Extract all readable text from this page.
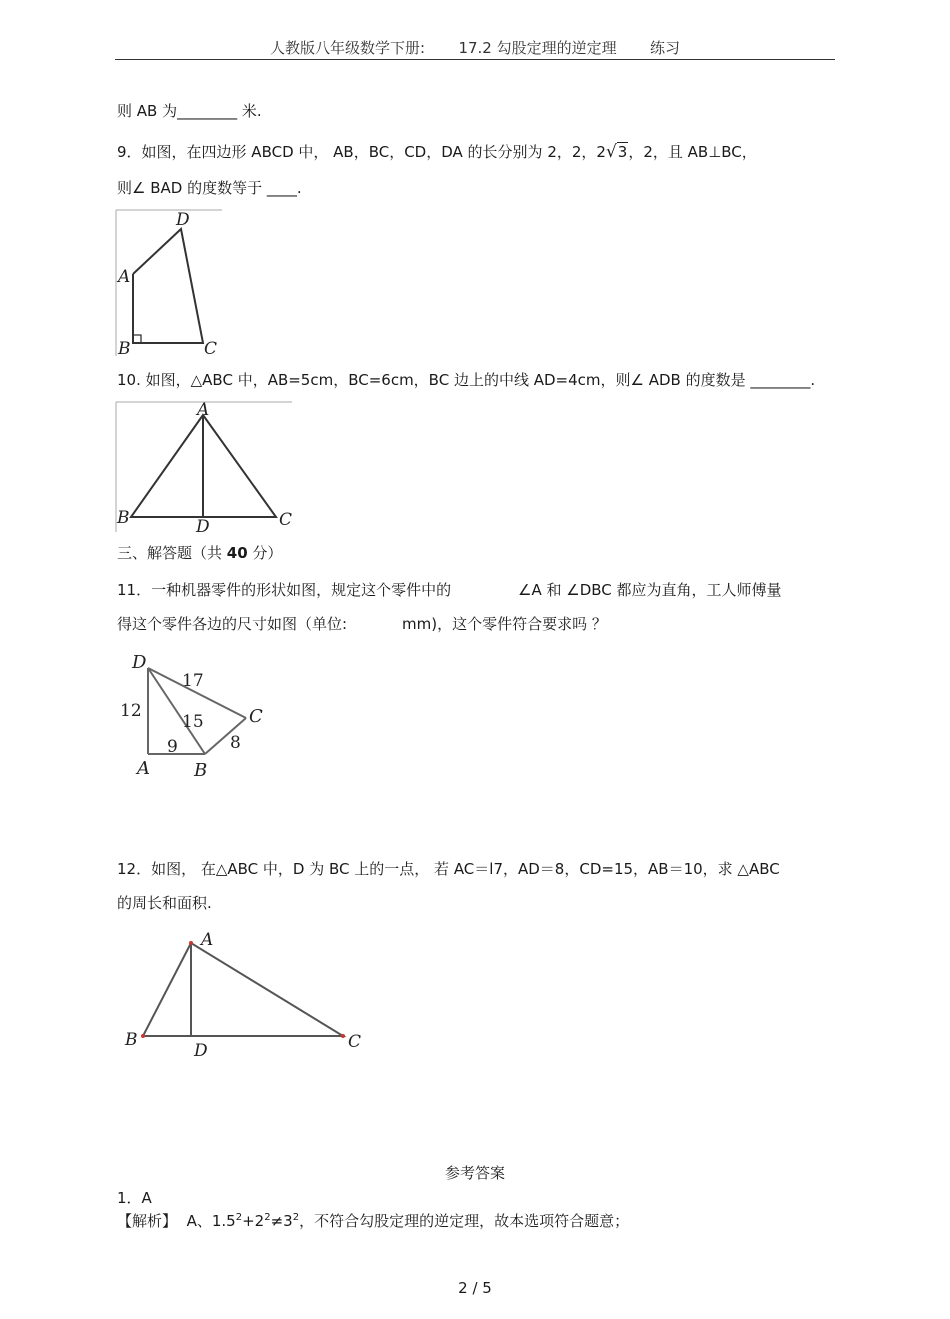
人教版八年级数学下册: 17.2 勾股定理的逆定理 练习
则 AB 为________ 米.
9．如图，在四边形 ABCD 中， AB，BC，CD，DA 的长分别为 2，2，2√3，2，且 AB⊥BC，
则∠ BAD 的度数等于 ____.
A
B	C
D
10. 如图，△ABC 中，AB=5cm，BC=6cm，BC 边上的中线 AD=4cm，则∠ ADB 的度数是 ________.
A
B	C
D
三、解答题（共 40 分）
11．一种机器零件的形状如图，规定这个零件中的	∠A 和 ∠DBC 都应为直角，工人师傅量
得这个零件各边的尺寸如图（单位:	mm)，这个零件符合要求吗 ？
D
A B
C
17
12
15
9	8
12．如图， 在△ABC 中，D 为 BC 上的一点， 若 AC＝l7，AD＝8，CD=15，AB＝10，求 △ABC
的周长和面积.
A
B
D	C
参考答案
1．A
【解析】 A、$1.5^2+2^2\ne 3^2$，不符合勾股定理的逆定理，故本选项符合题意；
2 / 5
